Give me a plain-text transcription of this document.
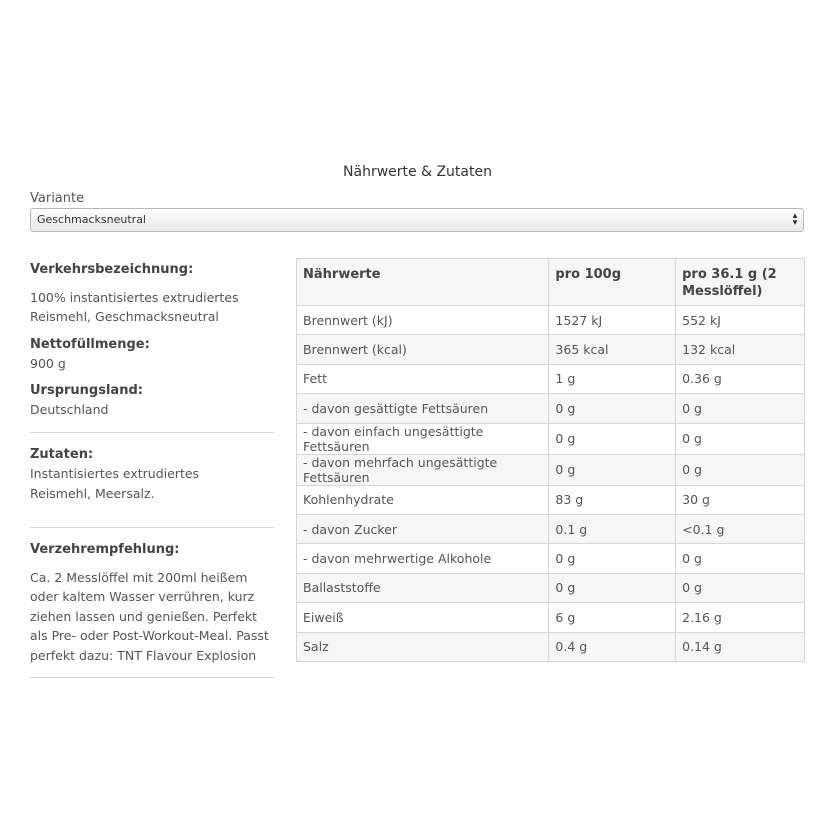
Nährwerte & Zutaten
Variante
Geschmacksneutral	▴▾
Verkehrsbezeichnung:
100% instantisiertes extrudiertes Reismehl, Geschmacksneutral
Nettofüllmenge:
900 g
Ursprungsland:
Deutschland
Zutaten:
Instantisiertes extrudiertes Reismehl, Meersalz.
Verzehrempfehlung:
Ca. 2 Messlöffel mit 200ml heißem oder kaltem Wasser verrühren, kurz ziehen lassen und genießen. Perfekt als Pre- oder Post-Workout-Meal. Passt perfekt dazu: TNT Flavour Explosion
Nährwerte	pro 100g	pro 36.1 g (2 Messlöffel)
Brennwert (kJ)	1527 kJ	552 kJ
Brennwert (kcal)	365 kcal	132 kcal
Fett	1 g	0.36 g
- davon gesättigte Fettsäuren	0 g	0 g
- davon einfach ungesättigte Fettsäuren	0 g	0 g
- davon mehrfach ungesättigte Fettsäuren	0 g	0 g
Kohlenhydrate	83 g	30 g
- davon Zucker	0.1 g	<0.1 g
- davon mehrwertige Alkohole	0 g	0 g
Ballaststoffe	0 g	0 g
Eiweiß	6 g	2.16 g
Salz	0.4 g	0.14 g
